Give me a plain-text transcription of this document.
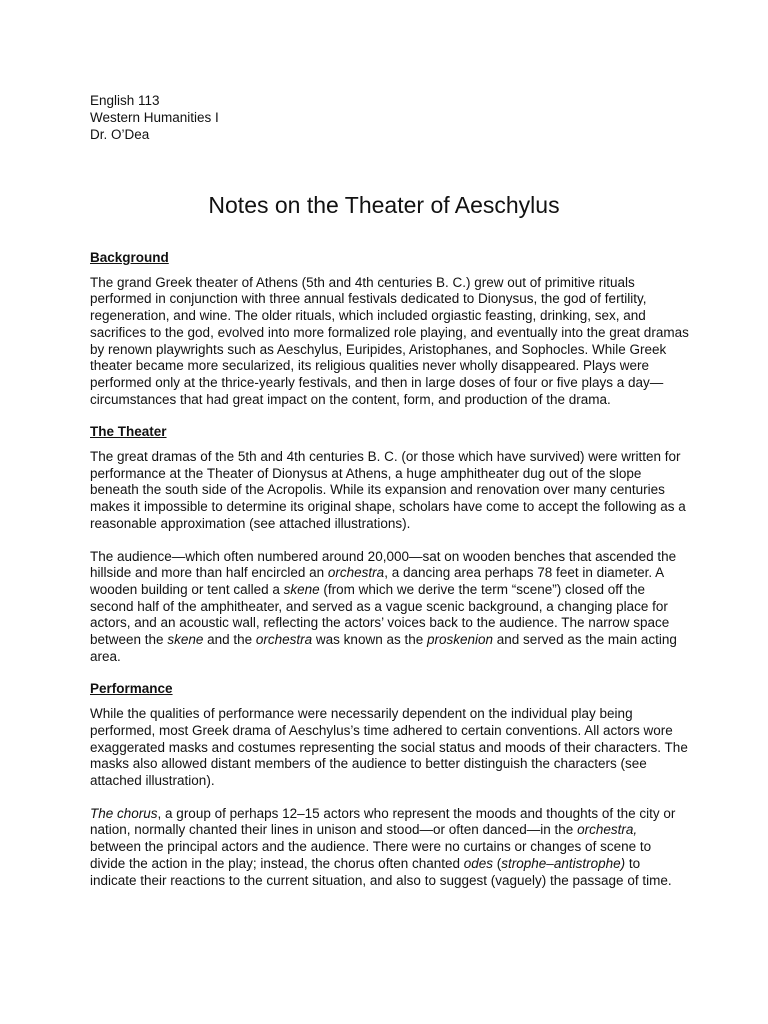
English 113
Western Humanities I
Dr. O’Dea
Notes on the Theater of Aeschylus
Background

The grand Greek theater of Athens (5th and 4th centuries B. C.) grew out of primitive rituals performed in conjunction with three annual festivals dedicated to Dionysus, the god of fertility, regeneration, and wine. The older rituals, which included orgiastic feasting, drinking, sex, and sacrifices to the god, evolved into more formalized role playing, and eventually into the great dramas by renown playwrights such as Aeschylus, Euripides, Aristophanes, and Sophocles. While Greek theater became more secularized, its religious qualities never wholly disappeared. Plays were performed only at the thrice-yearly festivals, and then in large doses of four or five plays a day—circumstances that had great impact on the content, form, and production of the drama.

The Theater

The great dramas of the 5th and 4th centuries B. C. (or those which have survived) were written for performance at the Theater of Dionysus at Athens, a huge amphitheater dug out of the slope beneath the south side of the Acropolis. While its expansion and renovation over many centuries makes it impossible to determine its original shape, scholars have come to accept the following as a reasonable approximation (see attached illustrations).

The audience—which often numbered around 20,000—sat on wooden benches that ascended the hillside and more than half encircled an orchestra, a dancing area perhaps 78 feet in diameter. A wooden building or tent called a skene (from which we derive the term “scene”) closed off the second half of the amphitheater, and served as a vague scenic background, a changing place for actors, and an acoustic wall, reflecting the actors’ voices back to the audience. The narrow space between the skene and the orchestra was known as the proskenion and served as the main acting area.

Performance

While the qualities of performance were necessarily dependent on the individual play being performed, most Greek drama of Aeschylus’s time adhered to certain conventions. All actors wore exaggerated masks and costumes representing the social status and moods of their characters. The masks also allowed distant members of the audience to better distinguish the characters (see attached illustration).

The chorus, a group of perhaps 12–15 actors who represent the moods and thoughts of the city or nation, normally chanted their lines in unison and stood—or often danced—in the orchestra, between the principal actors and the audience. There were no curtains or changes of scene to divide the action in the play; instead, the chorus often chanted odes (strophe–antistrophe) to indicate their reactions to the current situation, and also to suggest (vaguely) the passage of time.
